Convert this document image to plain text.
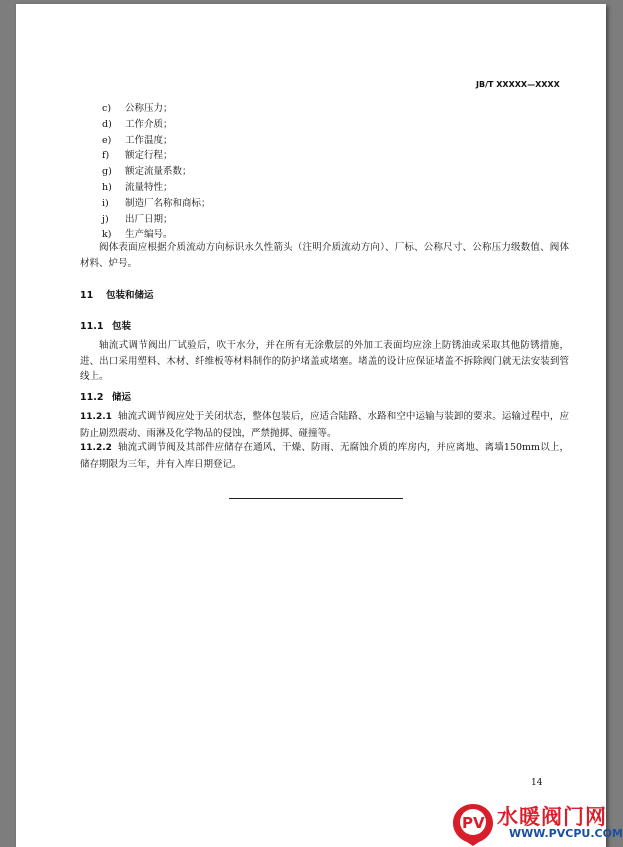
JB/T XXXXX—XXXX
c) 公称压力；
d) 工作介质；
e) 工作温度；
f) 额定行程；
g) 额定流量系数；
h) 流量特性；
i) 制造厂名称和商标；
j) 出厂日期；
k) 生产编号。

阀体表面应根据介质流动方向标识永久性箭头（注明介质流动方向）、厂标、公称尺寸、公称压力级数值、阀体材料、炉号。

11 包装和储运
11.1 包装

轴流式调节阀出厂试验后，吹干水分，并在所有无涂敷层的外加工表面均应涂上防锈油或采取其他防锈措施，进、出口采用塑料、木材、纤维板等材料制作的防护堵盖或堵塞。堵盖的设计应保证堵盖不拆除阀门就无法安装到管线上。

11.2 储运

11.2.1 轴流式调节阀应处于关闭状态，整体包装后，应适合陆路、水路和空中运输与装卸的要求。运输过程中，应防止剧烈震动、雨淋及化学物品的侵蚀，严禁抛掷、碰撞等。

11.2.2 轴流式调节阀及其部件应储存在通风、干燥、防雨、无腐蚀介质的库房内，并应离地、离墙150mm以上，储存期限为三年，并有入库日期登记。

14
PV 水暖阀门网
WWW.PVCPU.COM
